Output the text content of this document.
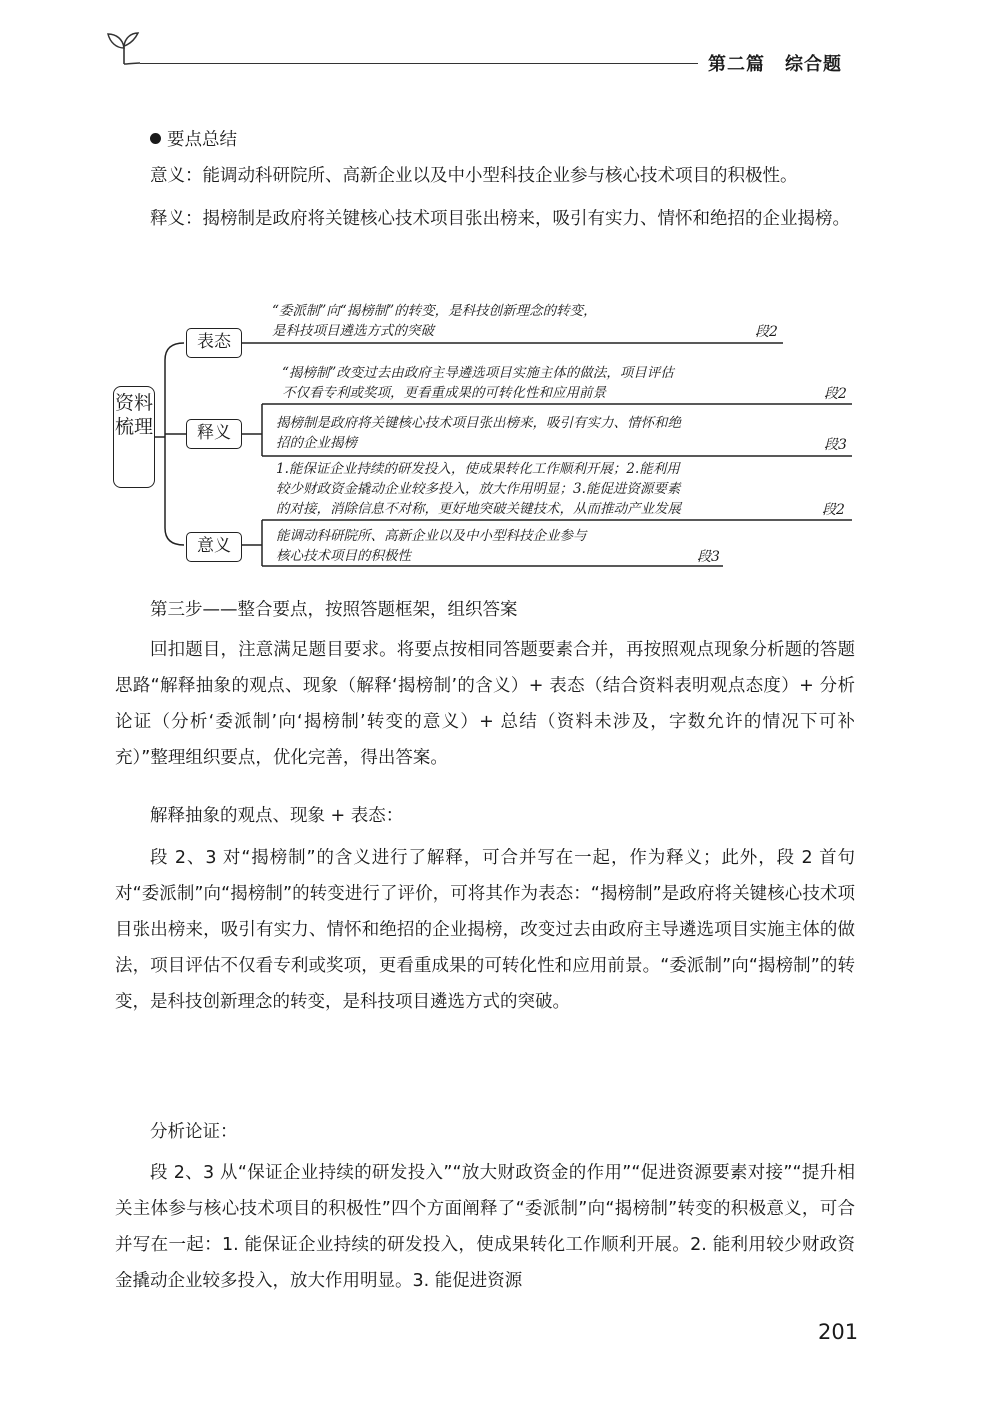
第二篇 综合题
要点总结
意义：能调动科研院所、高新企业以及中小型科技企业参与核心技术项目的积极性。
释义：揭榜制是政府将关键核心技术项目张出榜来，吸引有实力、情怀和绝招的企业揭榜。
资料梳理
表态
释义
意义
“委派制”向“揭榜制”的转变，是科技创新理念的转变，
是科技项目遴选方式的突破	段2
“揭榜制”改变过去由政府主导遴选项目实施主体的做法，项目评估
不仅看专利或奖项，更看重成果的可转化性和应用前景	段2
揭榜制是政府将关键核心技术项目张出榜来，吸引有实力、情怀和绝
招的企业揭榜	段3
1.能保证企业持续的研发投入，使成果转化工作顺利开展；2.能利用
较少财政资金撬动企业较多投入，放大作用明显；3.能促进资源要素
的对接，消除信息不对称，更好地突破关键技术，从而推动产业发展	段2
能调动科研院所、高新企业以及中小型科技企业参与
核心技术项目的积极性	段3
第三步——整合要点，按照答题框架，组织答案
回扣题目，注意满足题目要求。将要点按相同答题要素合并，再按照观点现象分析题的答题思路“解释抽象的观点、现象（解释‘揭榜制’的含义）+ 表态（结合资料表明观点态度）+ 分析论证（分析‘委派制’向‘揭榜制’转变的意义）+ 总结（资料未涉及，字数允许的情况下可补充）”整理组织要点，优化完善，得出答案。
解释抽象的观点、现象 + 表态：
段 2、3 对“揭榜制”的含义进行了解释，可合并写在一起，作为释义；此外，段 2 首句对“委派制”向“揭榜制”的转变进行了评价，可将其作为表态：“揭榜制”是政府将关键核心技术项目张出榜来，吸引有实力、情怀和绝招的企业揭榜，改变过去由政府主导遴选项目实施主体的做法，项目评估不仅看专利或奖项，更看重成果的可转化性和应用前景。“委派制”向“揭榜制”的转变，是科技创新理念的转变，是科技项目遴选方式的突破。
分析论证：
段 2、3 从“保证企业持续的研发投入”“放大财政资金的作用”“促进资源要素对接”“提升相关主体参与核心技术项目的积极性”四个方面阐释了“委派制”向“揭榜制”转变的积极意义，可合并写在一起：1. 能保证企业持续的研发投入，使成果转化工作顺利开展。2. 能利用较少财政资金撬动企业较多投入，放大作用明显。3. 能促进资源
201
